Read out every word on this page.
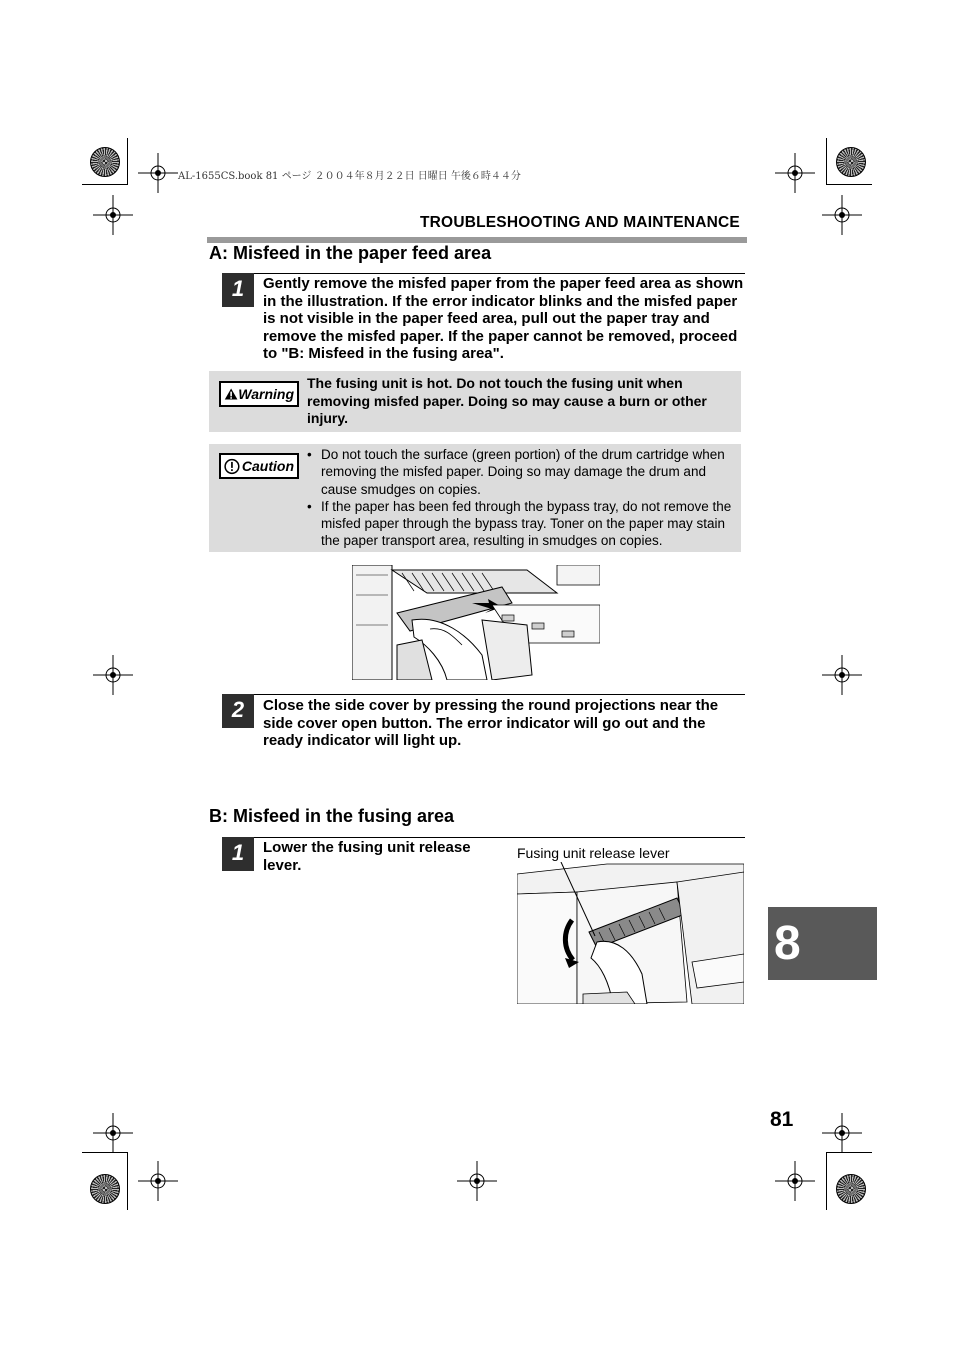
AL-1655CS.book 81 ページ ２００４年８月２２日 日曜日 午後６時４４分
TROUBLESHOOTING AND MAINTENANCE
A: Misfeed in the paper feed area
1	Gently remove the misfed paper from the paper feed area as shown in the illustration. If the error indicator blinks and the misfed paper is not visible in the paper feed area, pull out the paper tray and remove the misfed paper. If the paper cannot be removed, proceed to "B: Misfeed in the fusing area".
Warning
The fusing unit is hot. Do not touch the fusing unit when removing misfed paper. Doing so may cause a burn or other injury.
Caution
• Do not touch the surface (green portion) of the drum cartridge when removing the misfed paper. Doing so may damage the drum and cause smudges on copies.
• If the paper has been fed through the bypass tray, do not remove the misfed paper through the bypass tray. Toner on the paper may stain the paper transport area, resulting in smudges on copies.
2	Close the side cover by pressing the round projections near the side cover open button. The error indicator will go out and the ready indicator will light up.
B: Misfeed in the fusing area
1	Lower the fusing unit release lever.
Fusing unit release lever
8
81
